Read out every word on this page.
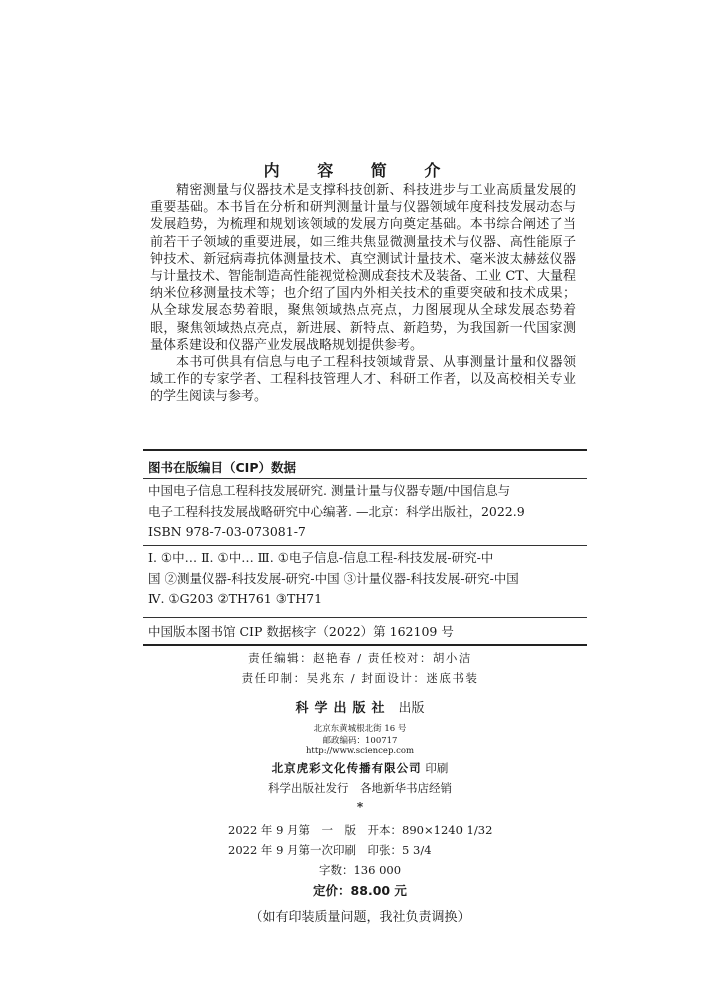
内 容 简 介

精密测量与仪器技术是支撑科技创新、科技进步与工业高质量发展的重要基础。本书旨在分析和研判测量计量与仪器领域年度科技发展动态与发展趋势，为梳理和规划该领域的发展方向奠定基础。本书综合阐述了当前若干子领域的重要进展，如三维共焦显微测量技术与仪器、高性能原子钟技术、新冠病毒抗体测量技术、真空测试计量技术、毫米波太赫兹仪器与计量技术、智能制造高性能视觉检测成套技术及装备、工业 CT、大量程纳米位移测量技术等；也介绍了国内外相关技术的重要突破和技术成果；从全球发展态势着眼，聚焦领域热点亮点，力图展现从全球发展态势着眼，聚焦领域热点亮点，新进展、新特点、新趋势，为我国新一代国家测量体系建设和仪器产业发展战略规划提供参考。

本书可供具有信息与电子工程科技领域背景、从事测量计量和仪器领域工作的专家学者、工程科技管理人才、科研工作者，以及高校相关专业的学生阅读与参考。

图书在版编目（CIP）数据
中国电子信息工程科技发展研究. 测量计量与仪器专题/中国信息与
电子工程科技发展战略研究中心编著. —北京：科学出版社，2022.9
ISBN 978-7-03-073081-7
Ⅰ. ①中… Ⅱ. ①中… Ⅲ. ①电子信息-信息工程-科技发展-研究-中
国 ②测量仪器-科技发展-研究-中国 ③计量仪器-科技发展-研究-中国
Ⅳ. ①G203 ②TH761 ③TH71
中国版本图书馆 CIP 数据核字（2022）第 162109 号
责任编辑：赵艳春 / 责任校对：胡小洁
责任印制：吴兆东 / 封面设计：迷底书装
科学出版社 出版
北京东黄城根北街 16 号
邮政编码：100717
http://www.sciencep.com
北京虎彩文化传播有限公司 印刷
科学出版社发行　各地新华书店经销
*
2022 年 9 月第　一　版　开本：890×1240 1/32
2022 年 9 月第一次印刷　印张：5 3/4
字数：136 000
定价：88.00 元
（如有印装质量问题，我社负责调换）
